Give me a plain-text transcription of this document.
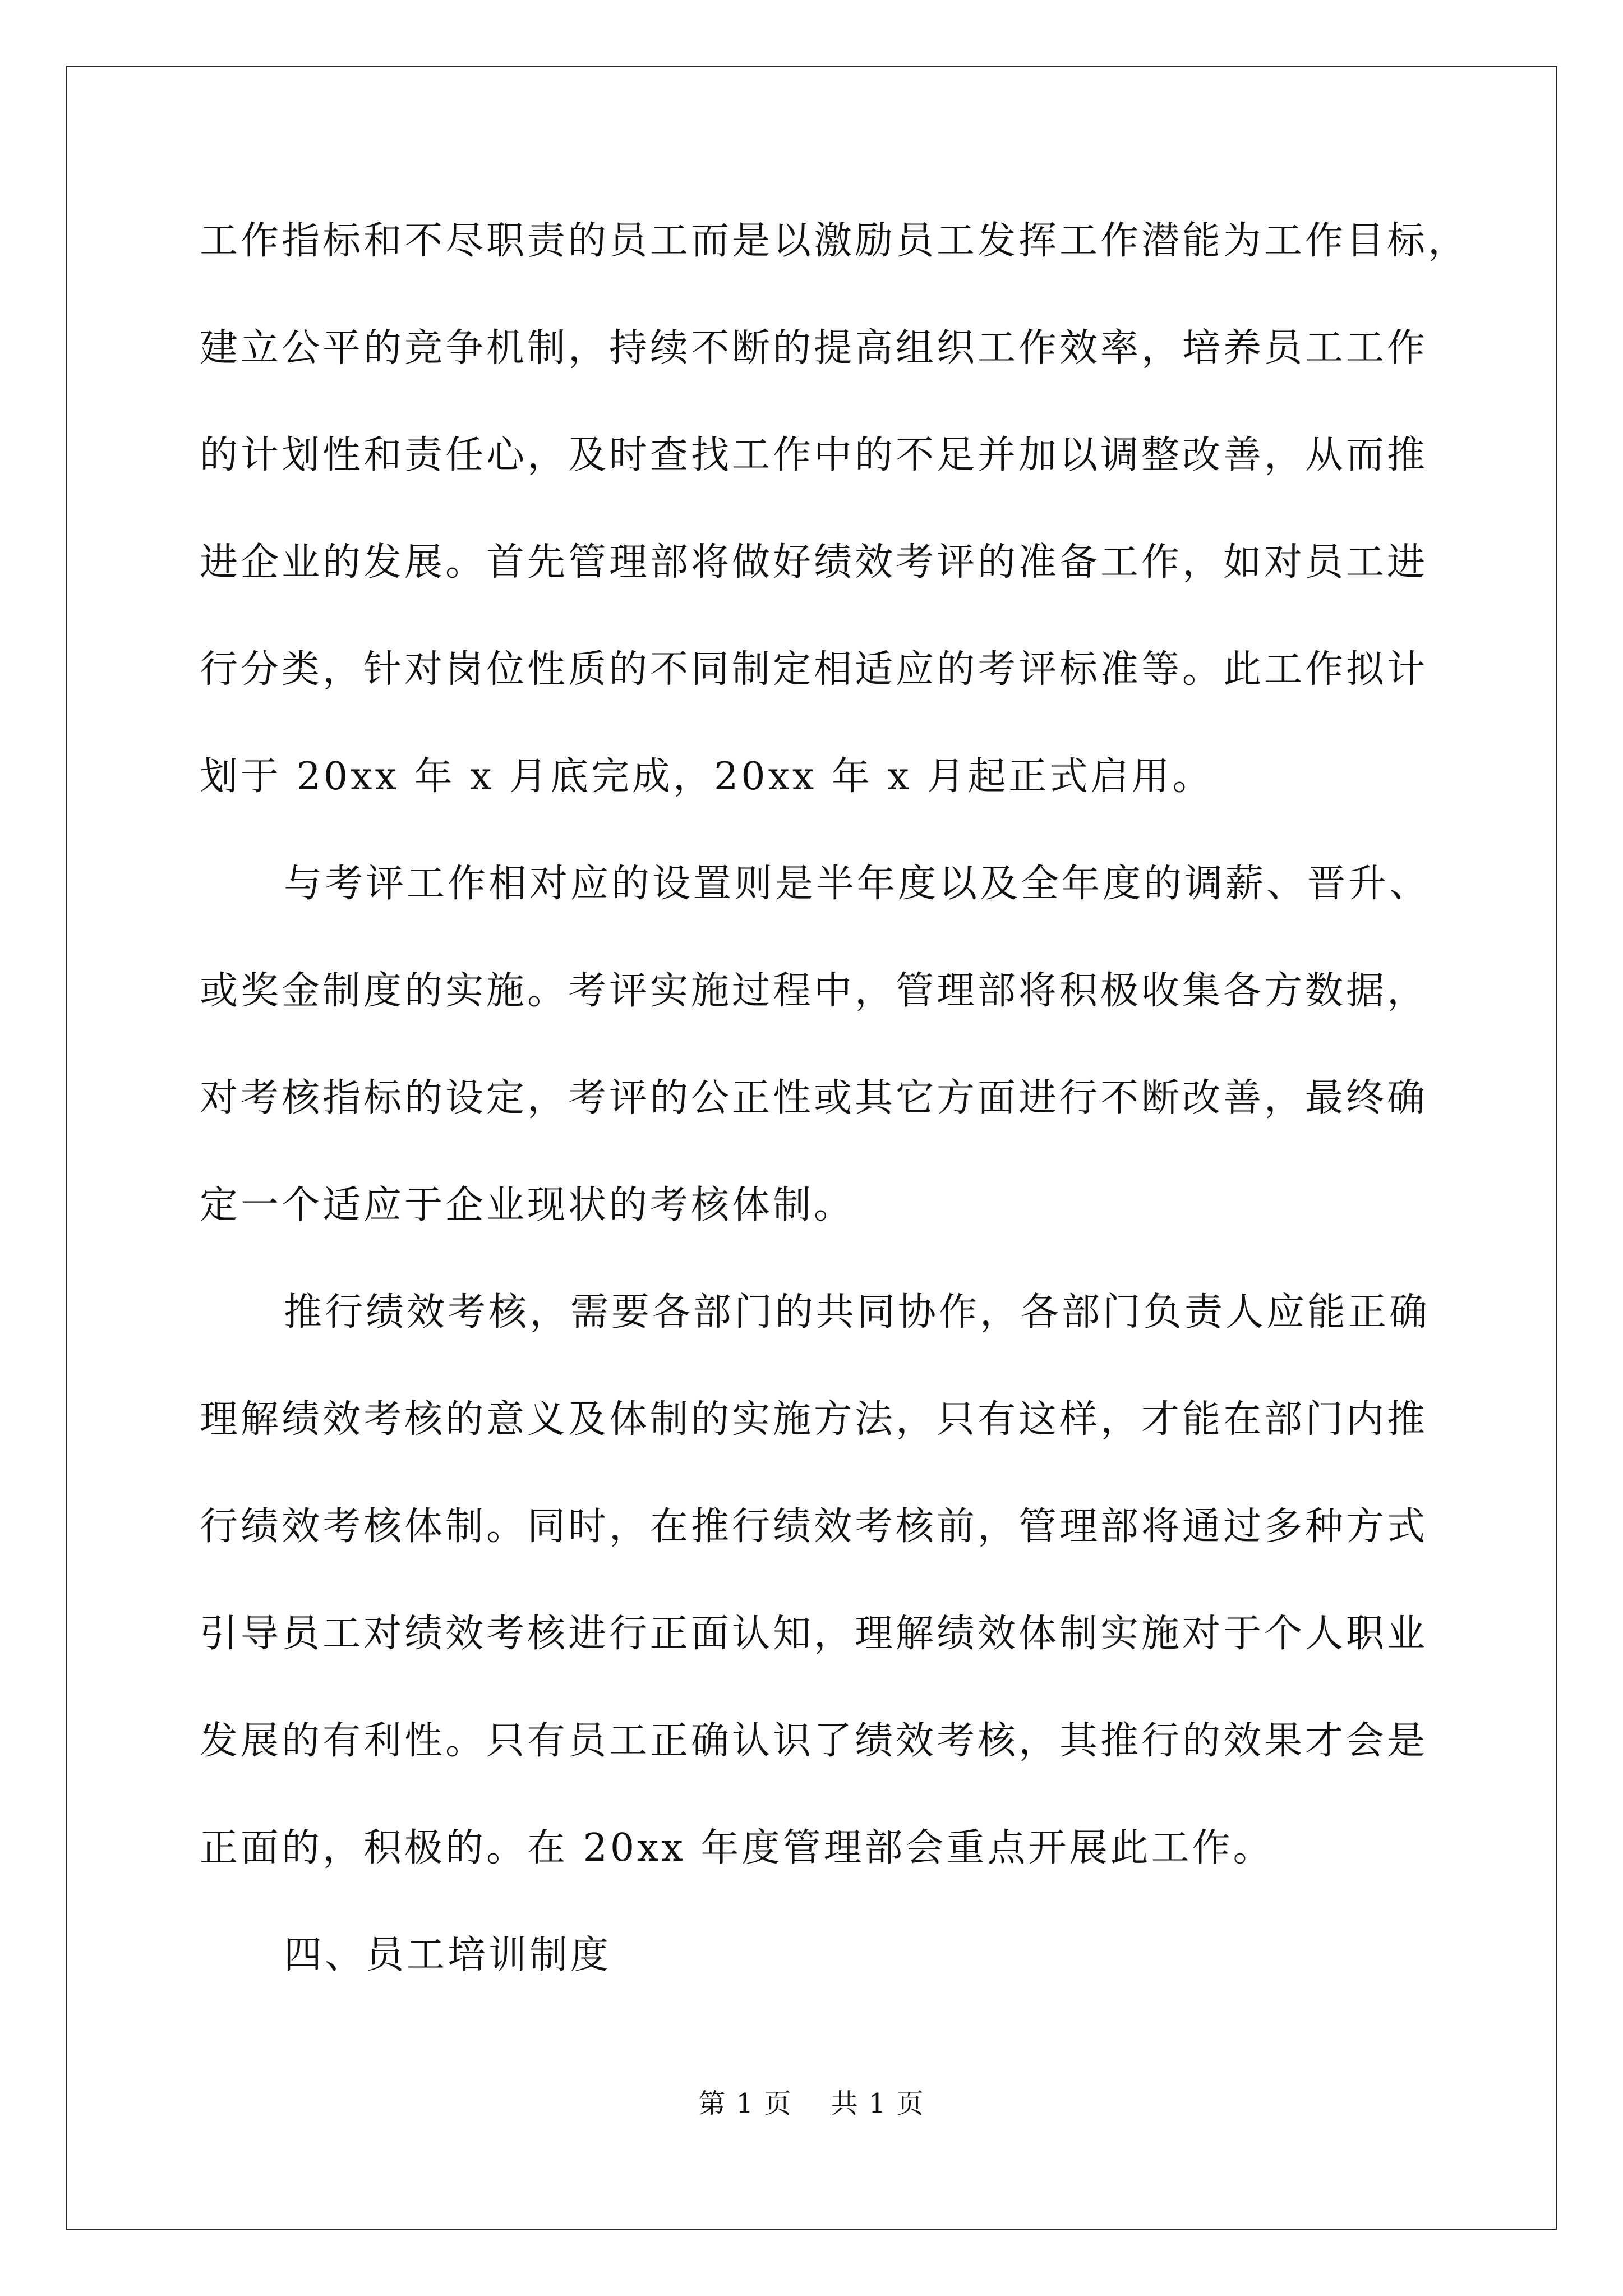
工作指标和不尽职责的员工而是以激励员工发挥工作潜能为工作目标，
建立公平的竞争机制，持续不断的提高组织工作效率，培养员工工作
的计划性和责任心，及时查找工作中的不足并加以调整改善，从而推
进企业的发展。首先管理部将做好绩效考评的准备工作，如对员工进
行分类，针对岗位性质的不同制定相适应的考评标准等。此工作拟计
划于 20xx 年 x 月底完成，20xx 年 x 月起正式启用。
与考评工作相对应的设置则是半年度以及全年度的调薪、晋升、
或奖金制度的实施。考评实施过程中，管理部将积极收集各方数据，
对考核指标的设定，考评的公正性或其它方面进行不断改善，最终确
定一个适应于企业现状的考核体制。
推行绩效考核，需要各部门的共同协作，各部门负责人应能正确
理解绩效考核的意义及体制的实施方法，只有这样，才能在部门内推
行绩效考核体制。同时，在推行绩效考核前，管理部将通过多种方式
引导员工对绩效考核进行正面认知，理解绩效体制实施对于个人职业
发展的有利性。只有员工正确认识了绩效考核，其推行的效果才会是
正面的，积极的。在 20xx 年度管理部会重点开展此工作。
四、员工培训制度
第 1 页    共 1 页
